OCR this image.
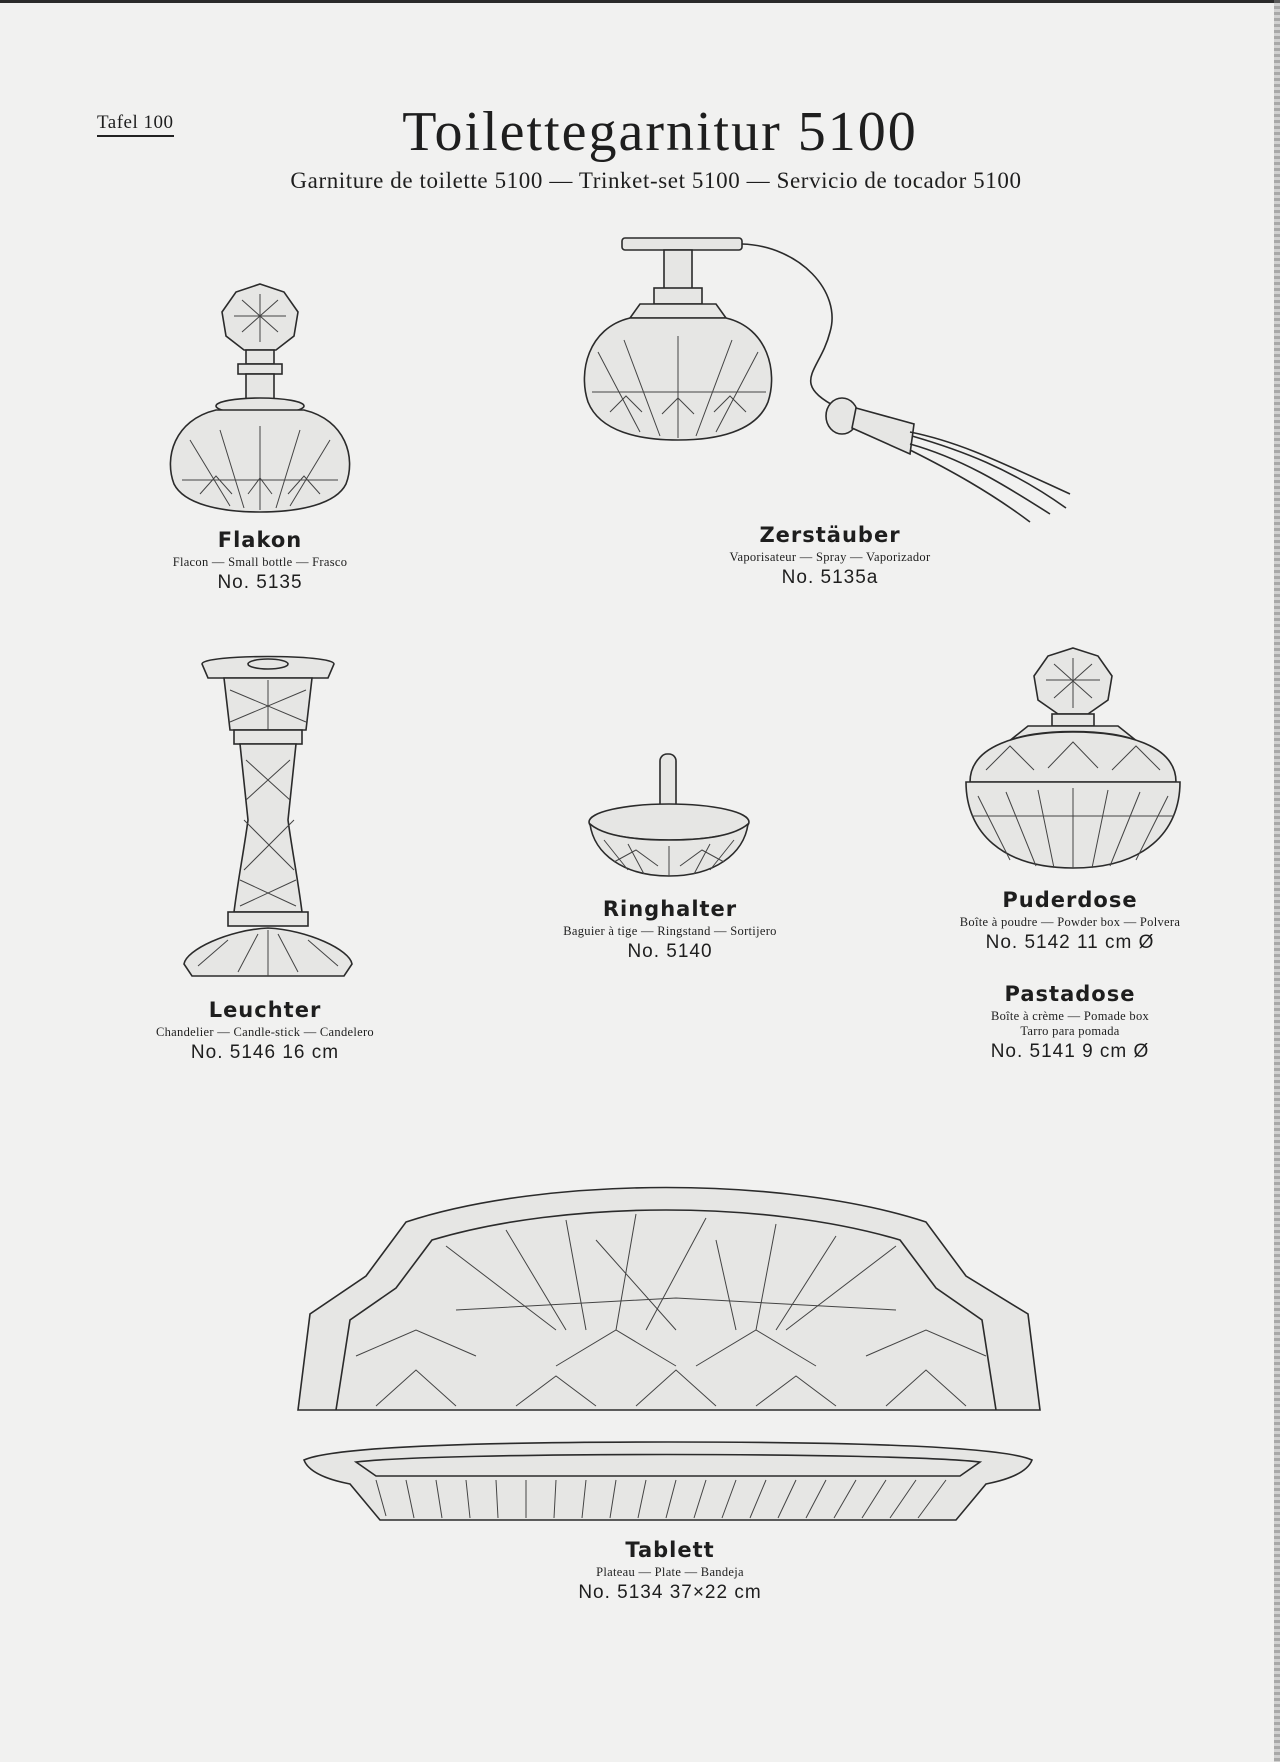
Tafel 100	Toilettegarnitur 5100
Garniture de toilette 5100 — Trinket-set 5100 — Servicio de tocador 5100
Flakon
Flacon — Small bottle — Frasco
No. 5135
Zerstäuber
Vaporisateur — Spray — Vaporizador
No. 5135a
Leuchter
Chandelier — Candle-stick — Candelero
No. 5146 16 cm
Ringhalter
Baguier à tige — Ringstand — Sortijero
No. 5140
Puderdose
Boîte à poudre — Powder box — Polvera
No. 5142 11 cm Ø
Pastadose
Boîte à crème — Pomade box
Tarro para pomada
No. 5141 9 cm Ø
Tablett
Plateau — Plate — Bandeja
No. 5134 37×22 cm
